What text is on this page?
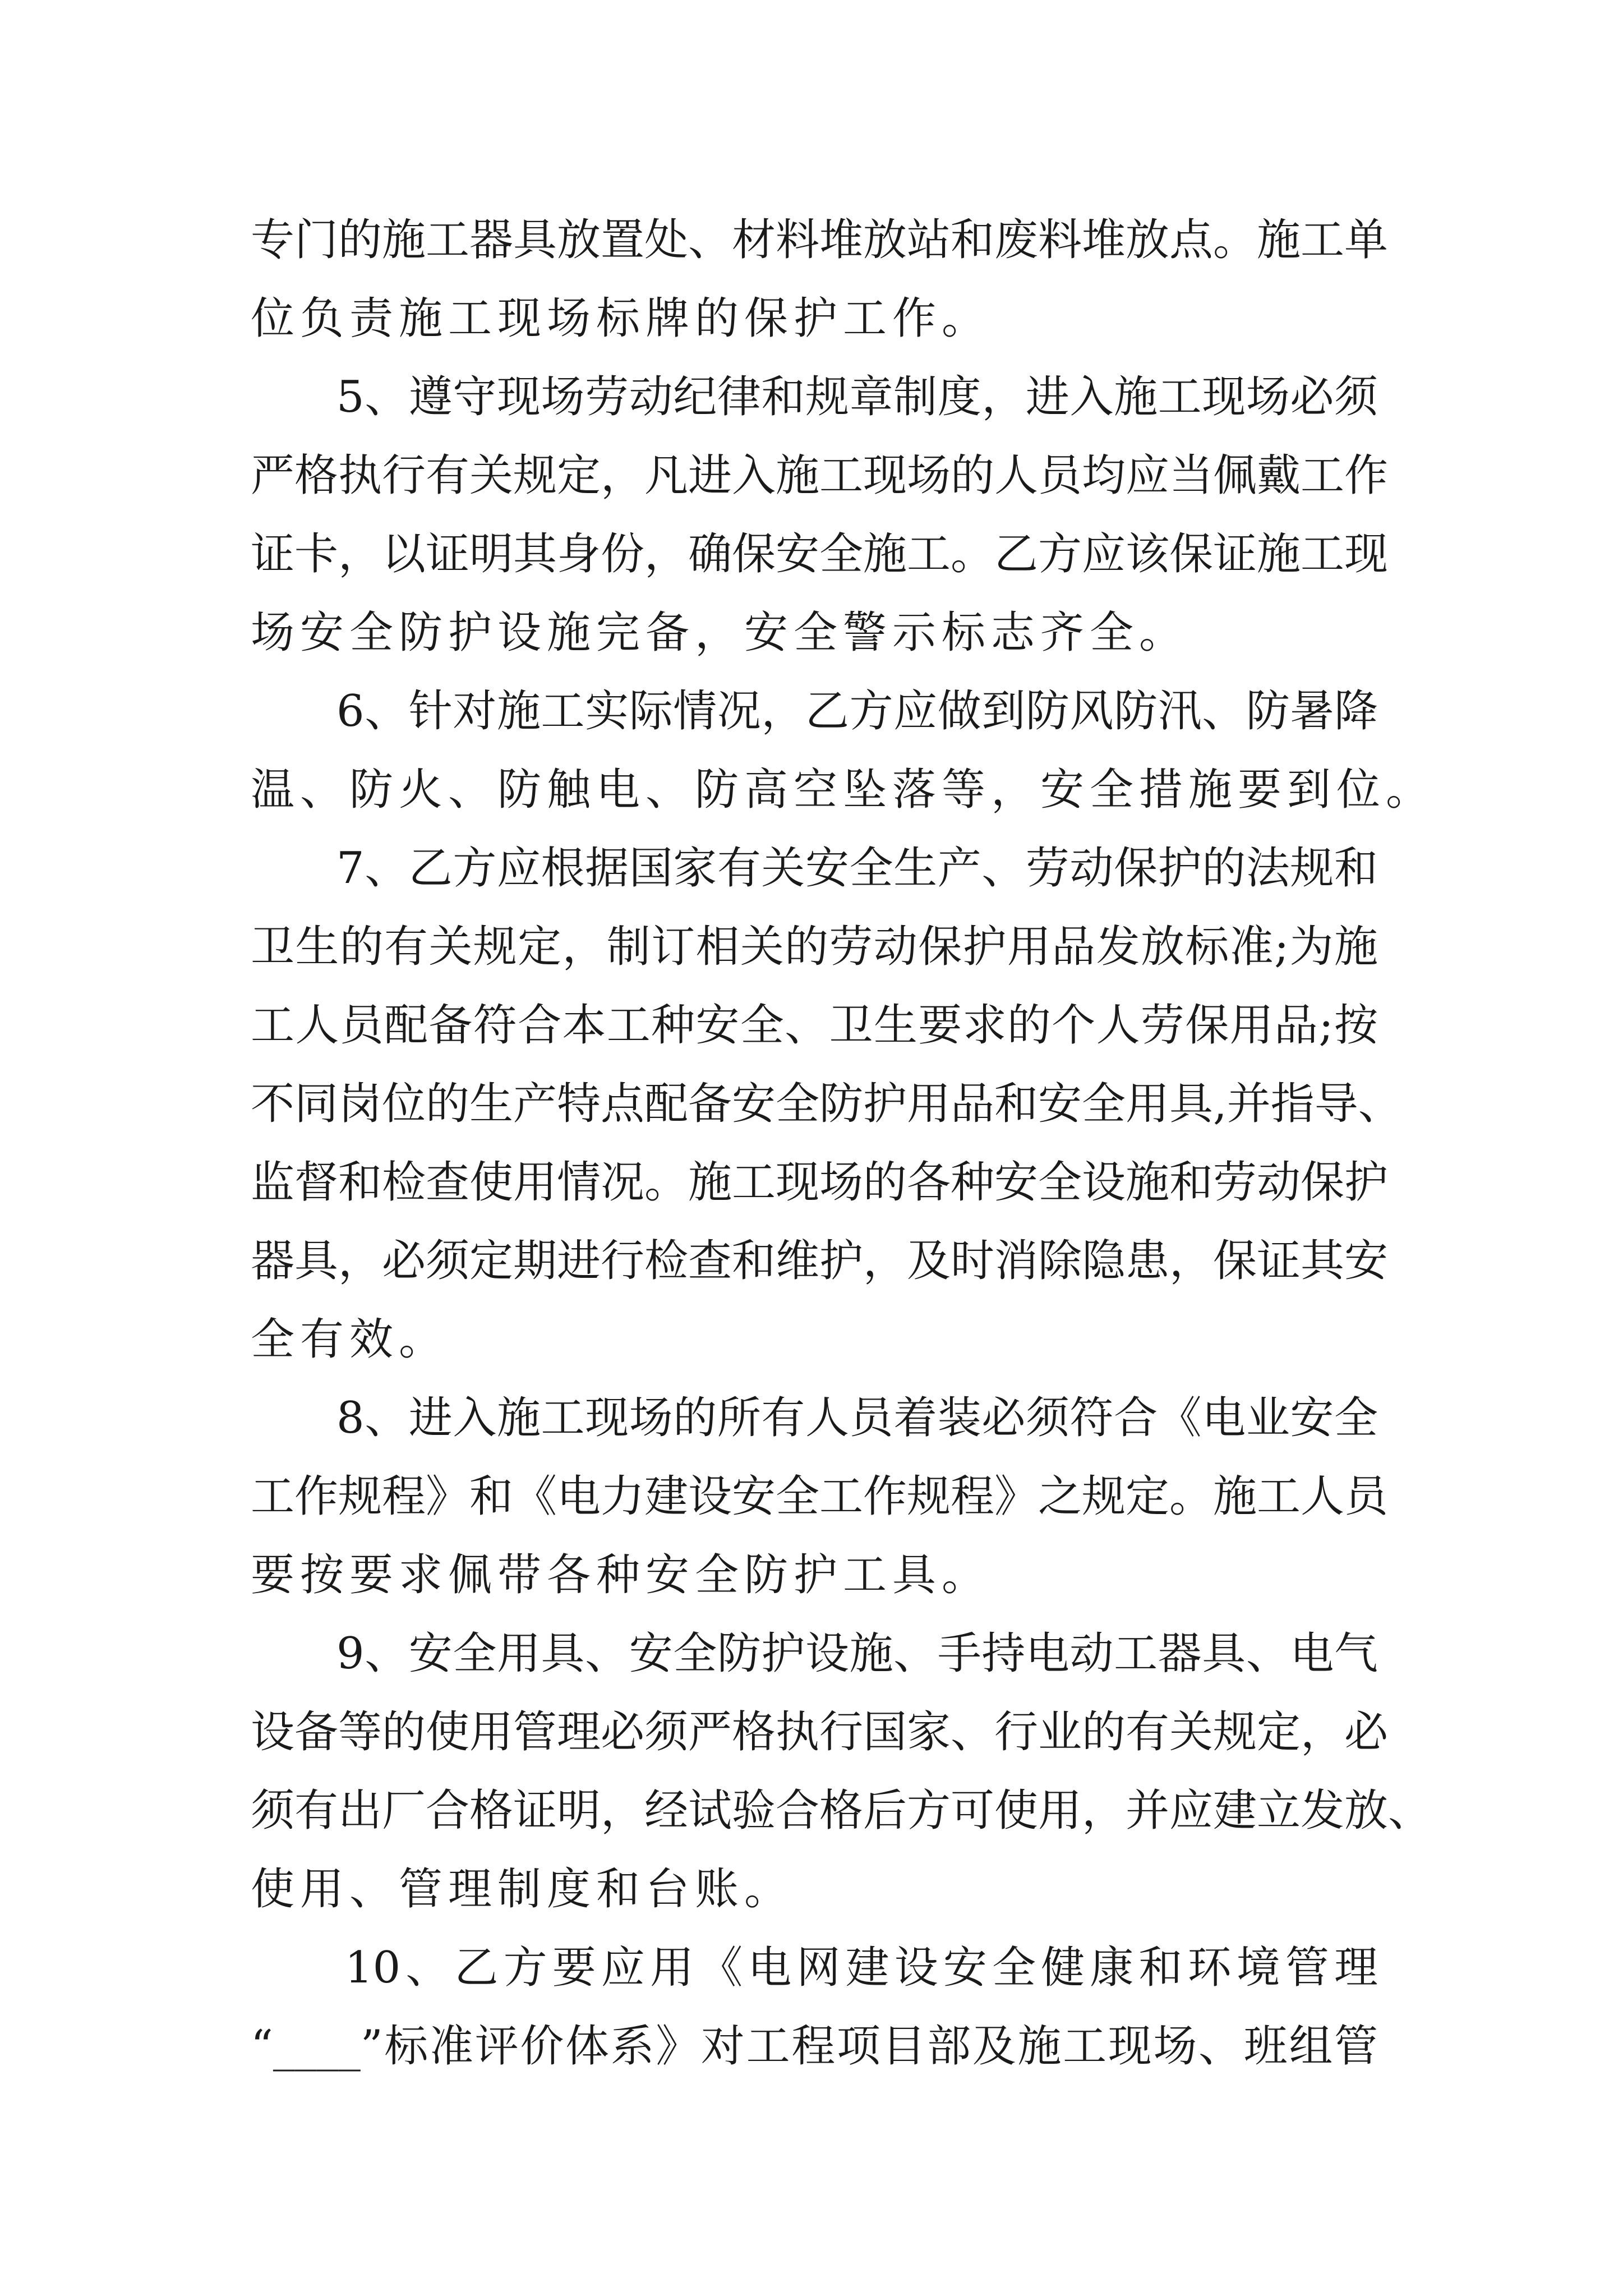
专门的施工器具放置处、材料堆放站和废料堆放点。施工单
位负责施工现场标牌的保护工作。
5、遵守现场劳动纪律和规章制度，进入施工现场必须
严格执行有关规定，凡进入施工现场的人员均应当佩戴工作
证卡，以证明其身份，确保安全施工。乙方应该保证施工现
场安全防护设施完备，安全警示标志齐全。
6、针对施工实际情况，乙方应做到防风防汛、防暑降
温、防火、防触电、防高空坠落等，安全措施要到位。
7、乙方应根据国家有关安全生产、劳动保护的法规和
卫生的有关规定，制订相关的劳动保护用品发放标准;为施
工人员配备符合本工种安全、卫生要求的个人劳保用品;按
不同岗位的生产特点配备安全防护用品和安全用具,并指导、
监督和检查使用情况。施工现场的各种安全设施和劳动保护
器具，必须定期进行检查和维护，及时消除隐患，保证其安
全有效。
8、进入施工现场的所有人员着装必须符合《电业安全
工作规程》和《电力建设安全工作规程》之规定。施工人员
要按要求佩带各种安全防护工具。
9、安全用具、安全防护设施、手持电动工器具、电气
设备等的使用管理必须严格执行国家、行业的有关规定，必
须有出厂合格证明，经试验合格后方可使用，并应建立发放、
使用、管理制度和台账。
10、乙方要应用《电网建设安全健康和环境管理
“____”标准评价体系》对工程项目部及施工现场、班组管
